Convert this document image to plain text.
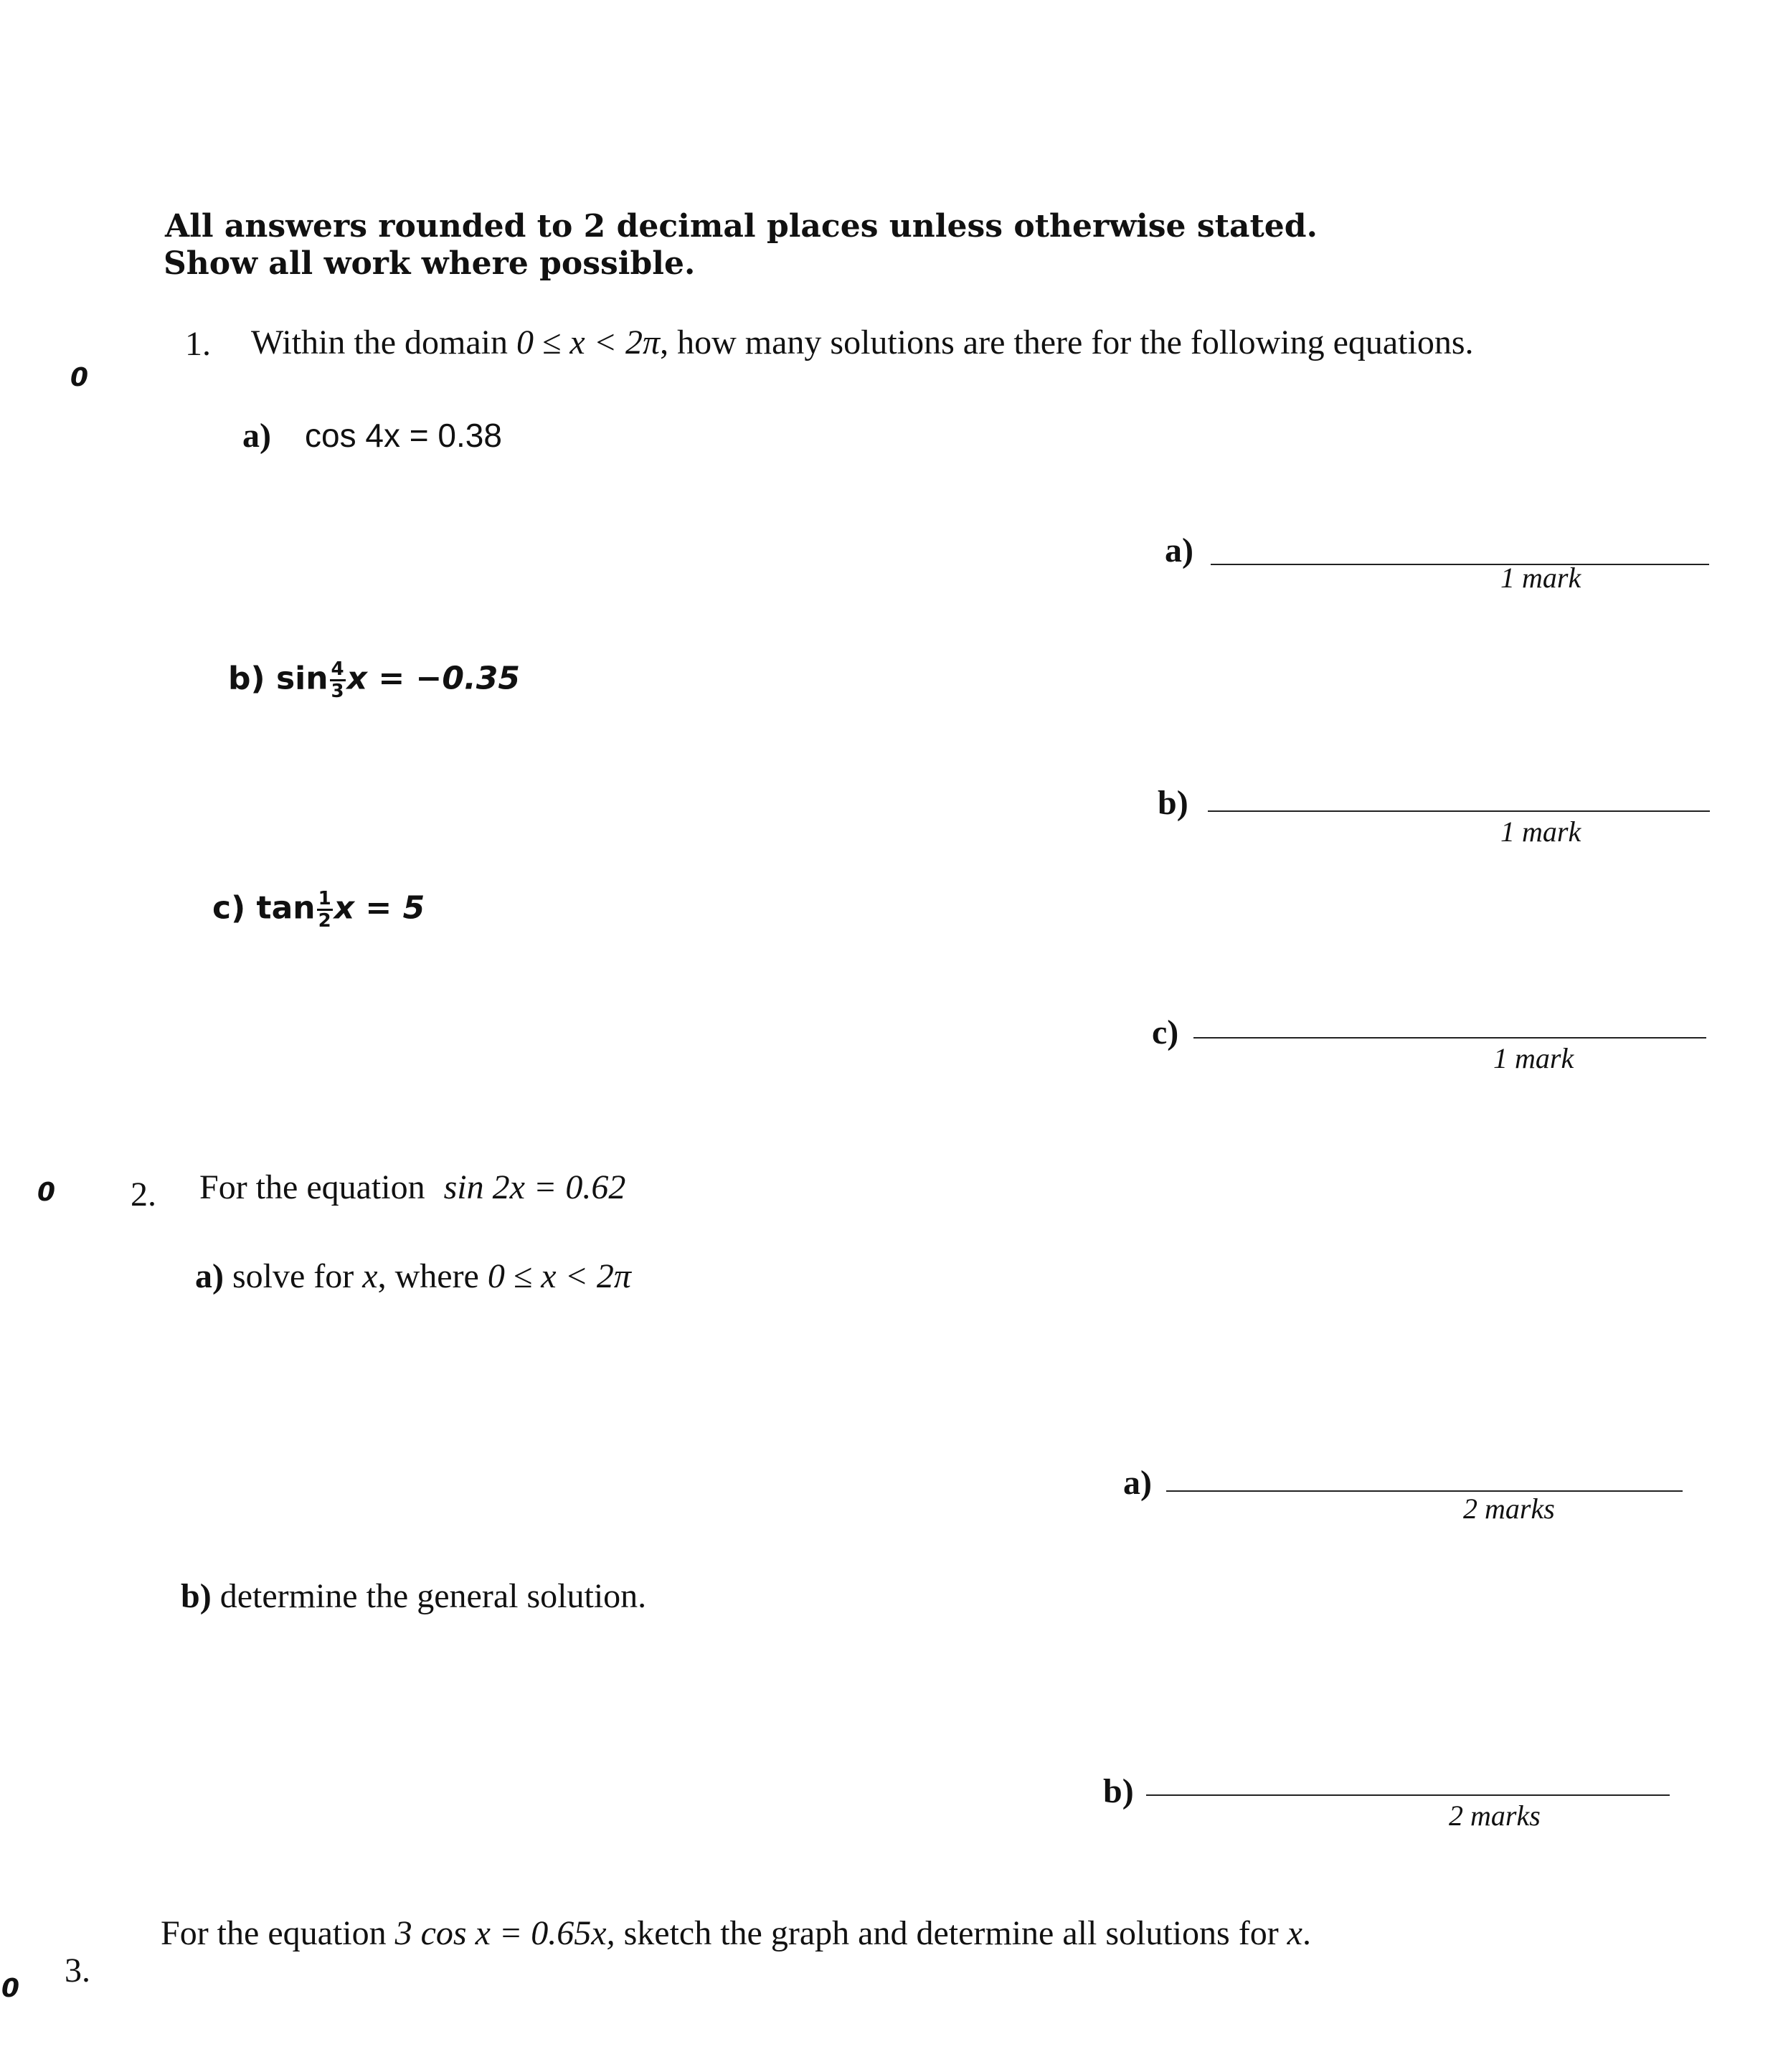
0
0
0
All answers rounded to 2 decimal places unless otherwise stated.
Show all work where possible.
1. Within the domain 0 ≤ x < 2π, how many solutions are there for the following equations.
a) cos 4x = 0.38
a)
1 mark
b) $\sin \frac{4}{3}$ x = −0.35
b)
1 mark
c) $\tan \frac{1}{2}$ x = 5
c)
1 mark
2. For the equation sin 2x = 0.62
a) solve for x, where 0 ≤ x < 2π
a)
2 marks
b) determine the general solution.
b)
2 marks
3.
For the equation 3 cos x = 0.65x, sketch the graph and determine all solutions for x.
